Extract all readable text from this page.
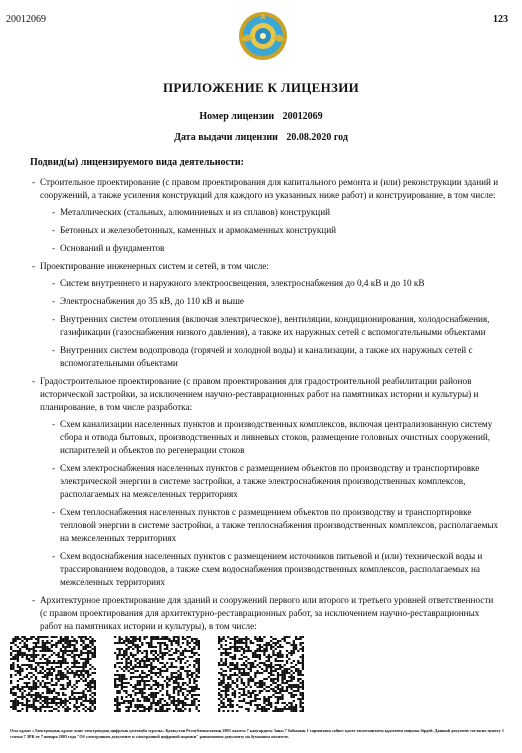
20012069	123
ПРИЛОЖЕНИЕ К ЛИЦЕНЗИИ
Номер лицензии 20012069
Дата выдачи лицензии 20.08.2020 год
Подвид(ы) лицензируемого вида деятельности:
- Строительное проектирование (с правом проектирования для капитального ремонта и (или) реконструкции зданий и сооружений, а также усиления конструкций для каждого из указанных ниже работ) и конструирование, в том числе:
- Металлических (стальных, алюминиевых и из сплавов) конструкций
- Бетонных и железобетонных, каменных и армокаменных конструкций
- Оснований и фундаментов
- Проектирование инженерных систем и сетей, в том числе:
- Систем внутреннего и наружного электроосвещения, электроснабжения до 0,4 кВ и до 10 кВ
- Электроснабжения до 35 кВ, до 110 кВ и выше
- Внутренних систем отопления (включая электрическое), вентиляции, кондиционирования, холодоснабжения, газификации (газоснабжения низкого давления), а также их наружных сетей с вспомогательными объектами
- Внутренних систем водопровода (горячей и холодной воды) и канализации, а также их наружных сетей с вспомогательными объектами
- Градостроительное проектирование (с правом проектирования для градостроительной реабилитации районов исторической застройки, за исключением научно-реставрационных работ на памятниках истории и культуры) и планирование, в том числе разработка:
- Схем канализации населенных пунктов и производственных комплексов, включая централизованную систему сбора и отвода бытовых, производственных и ливневых стоков, размещение головных очистных сооружений, испарителей и объектов по регенерации стоков
- Схем электроснабжения населенных пунктов с размещением объектов по производству и транспортировке электрической энергии в системе застройки, а также электроснабжения производственных комплексов, располагаемых на межселенных территориях
- Схем теплоснабжения населенных пунктов с размещением объектов по производству и транспортировке тепловой энергии в системе застройки, а также теплоснабжения производственных комплексов, располагаемых на межселенных территориях
- Схем водоснабжения населенных пунктов с размещением источников питьевой и (или) технической воды и трассированием водоводов, а также схем водоснабжения производственных комплексов, располагаемых на межселенных территориях
- Архитектурное проектирование для зданий и сооружений первого или второго и третьего уровней ответственности (с правом проектирования для архитектурно-реставрационных работ, за исключением научно-реставрационных работ на памятниках истории и культуры), в том числе:
Осы құжат «Электрондық құжат және электрондық цифрлық қолтаңба туралы» Қазақстан Республикасының 2003 жылғы 7 қаңтардағы Заңы 7 бабының 1 тармағына сәйкес қағаз тасығыштағы құжатпен маңызы бірдей. Данный документ согласно пункту 1 статьи 7 ЗРК от 7 января 2003 года "Об электронном документе и электронной цифровой подписи" равнозначен документу на бумажном носителе.
